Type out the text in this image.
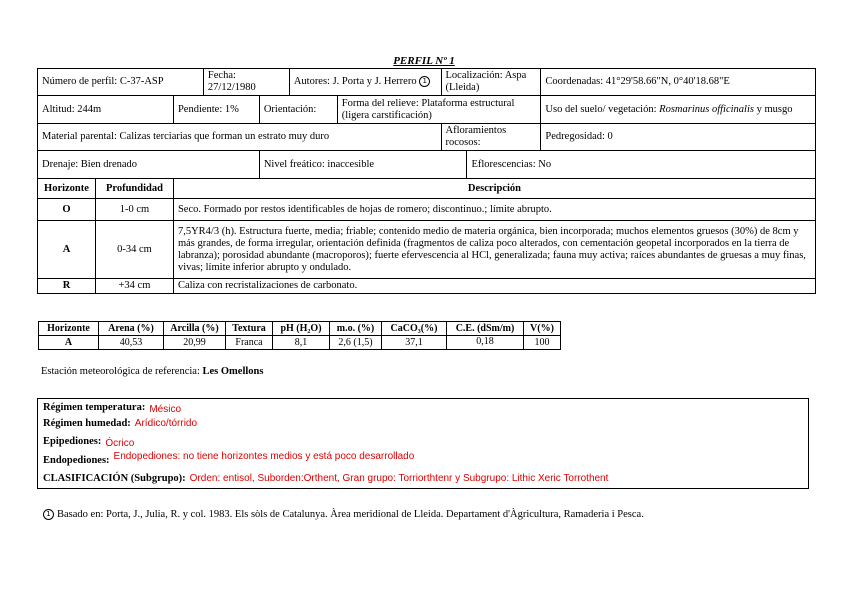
PERFIL Nº 1
Número de perfil: C-37-ASP			Fecha: 27/12/1980		Autores: J. Porta y J. Herrero 1		Localización: Aspa (Lleida)		Coordenadas: 41°29'58.66"N, 0°40'18.68"E
Altitud: 244m		Pendiente: 1%		Orientación:		Forma del relieve: Plataforma estructural (ligera carstificación)			Uso del suelo/ vegetación: Rosmarinus officinalis y musgo
Material parental: Calizas terciarias que forman un estrato muy duro							Afloramientos rocosos:		Pedregosidad: 0
Drenaje: Bien drenado				Nivel freático: inaccesible				Eflorescencias: No	
Horizonte	Profundidad	Descripción							
O	1-0 cm	Seco. Formado por restos identificables de hojas de romero; discontinuo.; límite abrupto.							
A	0-34 cm	7,5YR4/3 (h). Estructura fuerte, media; friable; contenido medio de materia orgánica, bien incorporada; muchos elementos gruesos (30%) de 8cm y más grandes, de forma irregular, orientación definida (fragmentos de caliza poco alterados, con cementación geopetal incorporados en la tierra de labranza); porosidad abundante (macroporos); fuerte efervescencia al HCl, generalizada; fauna muy activa; raíces abundantes de gruesas a muy finas, vivas; límite inferior abrupto y ondulado.							
R	+34 cm	Caliza con recristalizaciones de carbonato.							
Horizonte	Arena (%)	Arcilla (%)	Textura	pH (H₂O)	m.o. (%)	CaCO₃(%)	C.E. (dSm/m)	V(%)
A	40,53	20,99	Franca	8,1	2,6 (1,5)	37,1	0,18	100
Estación meteorológica de referencia: Les Omellons
Régimen temperatura: Mésico
Régimen humedad: Arídico/tórrido
Epipediones: Ócrico
Endopediones: Endopediones: no tiene horizontes medios y está poco desarrollado
CLASIFICACIÓN (Subgrupo): Orden: entisol, Suborden:Orthent, Gran grupo: Torriorthtenr y Subgrupo: Lithic Xeric Torrothent
1 Basado en: Porta, J., Julia, R. y col. 1983. Els sòls de Catalunya. Àrea meridional de Lleida. Departament d'Àgricultura, Ramaderia i Pesca.
